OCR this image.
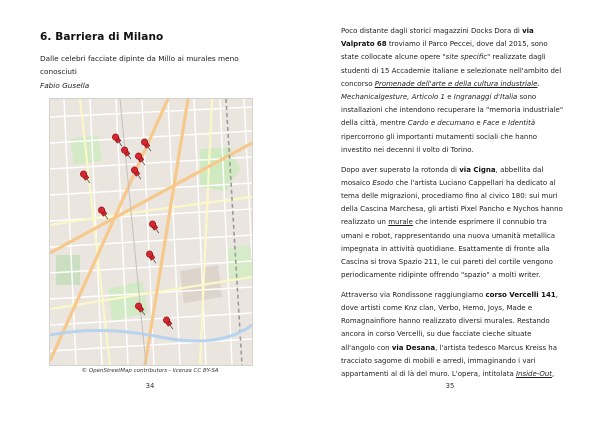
6. Barriera di Milano

Dalle celebri facciate dipinte da Millo ai murales meno conosciuti

Fabio Gusella

© OpenStreetMap contributors - licenza CC BY-SA

34

Poco distante dagli storici magazzini Docks Dora di via Valprato 68 troviamo il Parco Peccei, dove dal 2015, sono state collocate alcune opere "site specific" realizzate dagli studenti di 15 Accademie italiane e selezionate nell'ambito del concorso Promenade dell'arte e della cultura industriale. Mechanicalgesture, Articolo 1 e Ingranaggi d'Italia sono installazioni che intendono recuperare la "memoria industriale" della città, mentre Cardo e decumano e Face e Identità ripercorrono gli importanti mutamenti sociali che hanno investito nei decenni il volto di Torino.

Dopo aver superato la rotonda di via Cigna, abbellita dal mosaico Esodo che l'artista Luciano Cappellari ha dedicato al tema delle migrazioni, procediamo fino al civico 180: sui muri della Cascina Marchesa, gli artisti Pixel Pancho e Nychos hanno realizzato un murale che intende esprimere il connubio tra umani e robot, rappresentando una nuova umanità metallica impegnata in attività quotidiane. Esattamente di fronte alla Cascina si trova Spazio 211, le cui pareti del cortile vengono periodicamente ridipinte offrendo "spazio" a molti writer.

Attraverso via Rondissone raggiungiamo corso Vercelli 141, dove artisti come Knz clan, Verbo, Hemo, Joys, Made e Romagnainfiore hanno realizzato diversi murales. Restando ancora in corso Vercelli, su due facciate cieche situate all'angolo con via Desana, l'artista tedesco Marcus Kreiss ha tracciato sagome di mobili e arredi, immaginando i vari appartamenti al di là del muro. L'opera, intitolata Inside-Out,

35
